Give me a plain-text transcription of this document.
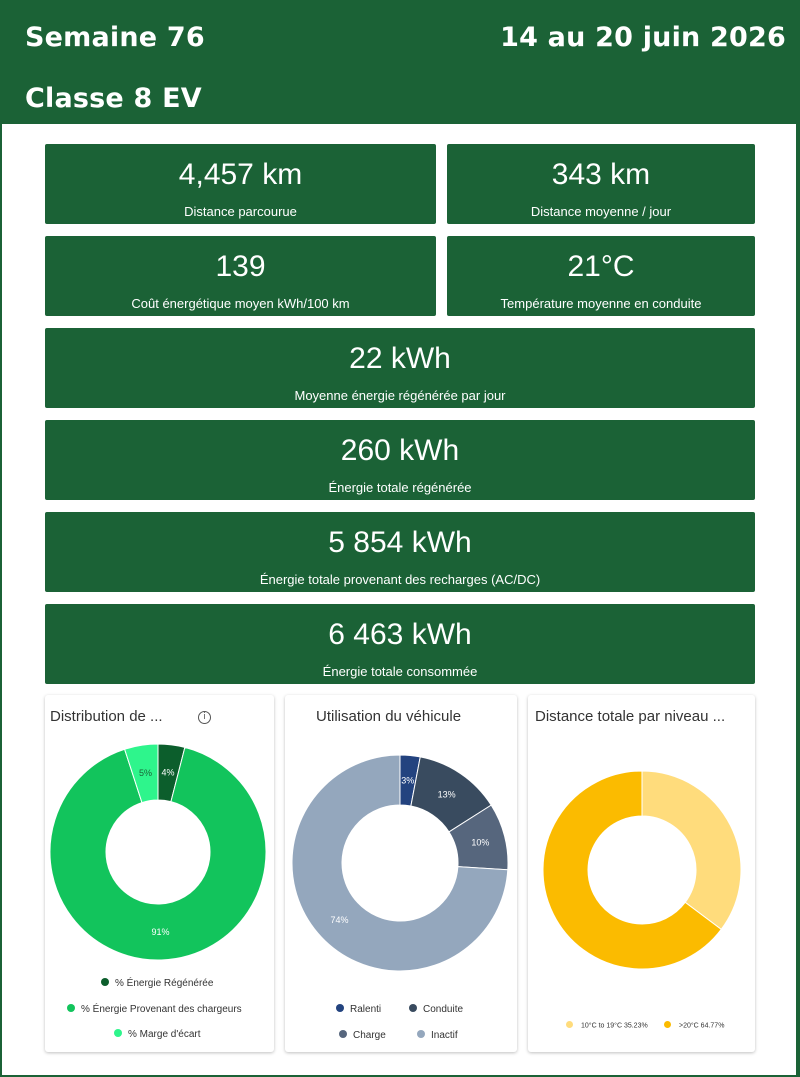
Semaine 76	14 au 20 juin 2026
Classe 8 EV
4,457 km
Distance parcourue
343 km
Distance moyenne / jour
139
Coût énergétique moyen kWh/100 km
21°C
Température moyenne en conduite
22 kWh
Moyenne énergie régénérée par jour
260 kWh
Énergie totale régénérée
5 854 kWh
Énergie totale provenant des recharges (AC/DC)
6 463 kWh
Énergie totale consommée
Distribution de ...	i
4%
91%
5%
% Énergie Régénérée
% Énergie Provenant des chargeurs
% Marge d'écart
Utilisation du véhicule
3%
13%
10%
74%
Ralenti	Conduite
Charge	Inactif
Distance totale par niveau ...
10°C to 19°C 35.23%	>20°C 64.77%
